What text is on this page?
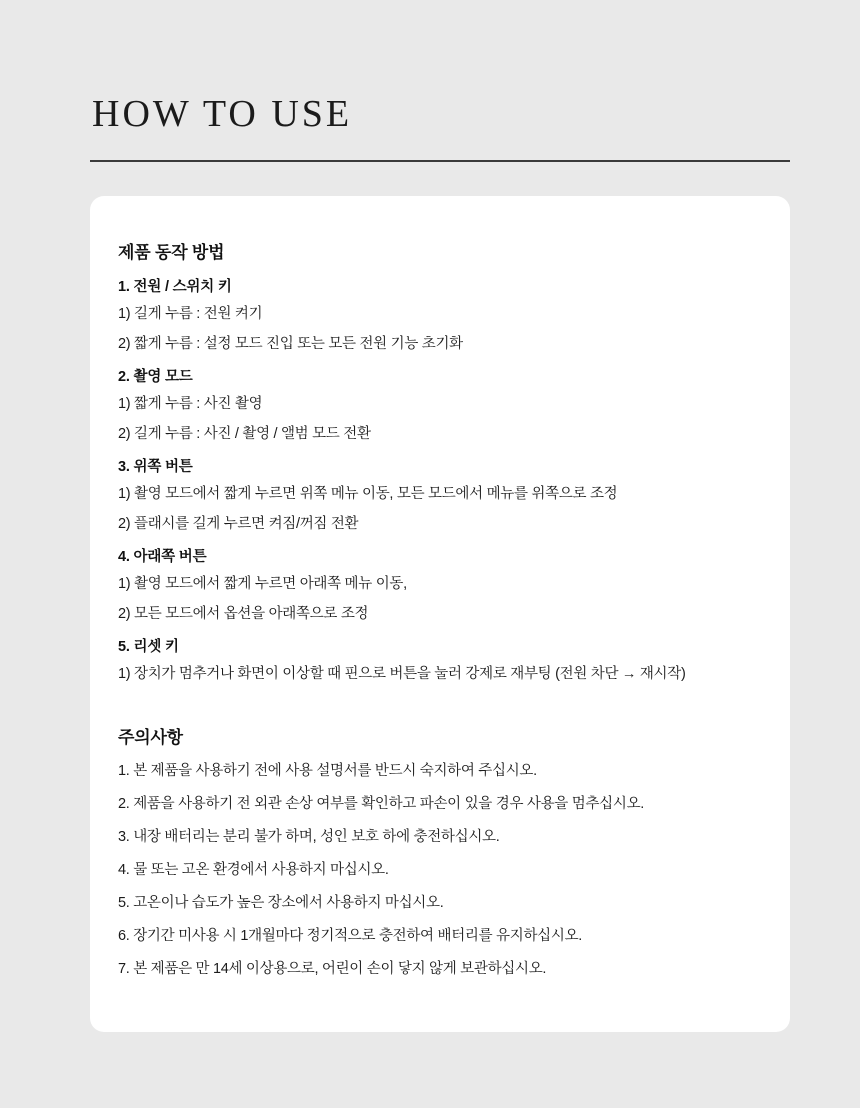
HOW TO USE
제품 동작 방법
1. 전원 / 스위치 키
1) 길게 누름 : 전원 켜기
2) 짧게 누름 : 설정 모드 진입 또는 모든 전원 기능 초기화
2. 촬영 모드
1) 짧게 누름 : 사진 촬영
2) 길게 누름 : 사진 / 촬영 / 앨범 모드 전환
3. 위쪽 버튼
1) 촬영 모드에서 짧게 누르면 위쪽 메뉴 이동, 모든 모드에서 메뉴를 위쪽으로 조정
2) 플래시를 길게 누르면 켜짐/꺼짐 전환
4. 아래쪽 버튼
1) 촬영 모드에서 짧게 누르면 아래쪽 메뉴 이동,
2) 모든 모드에서 옵션을 아래쪽으로 조정
5. 리셋 키
1) 장치가 멈추거나 화면이 이상할 때 핀으로 버튼을 눌러 강제로 재부팅 (전원 차단 → 재시작)
주의사항
1. 본 제품을 사용하기 전에 사용 설명서를 반드시 숙지하여 주십시오.
2. 제품을 사용하기 전 외관 손상 여부를 확인하고 파손이 있을 경우 사용을 멈추십시오.
3. 내장 배터리는 분리 불가 하며, 성인 보호 하에 충전하십시오.
4. 물 또는 고온 환경에서 사용하지 마십시오.
5. 고온이나 습도가 높은 장소에서 사용하지 마십시오.
6. 장기간 미사용 시 1개월마다 정기적으로 충전하여 배터리를 유지하십시오.
7. 본 제품은 만 14세 이상용으로, 어린이 손이 닿지 않게 보관하십시오.
